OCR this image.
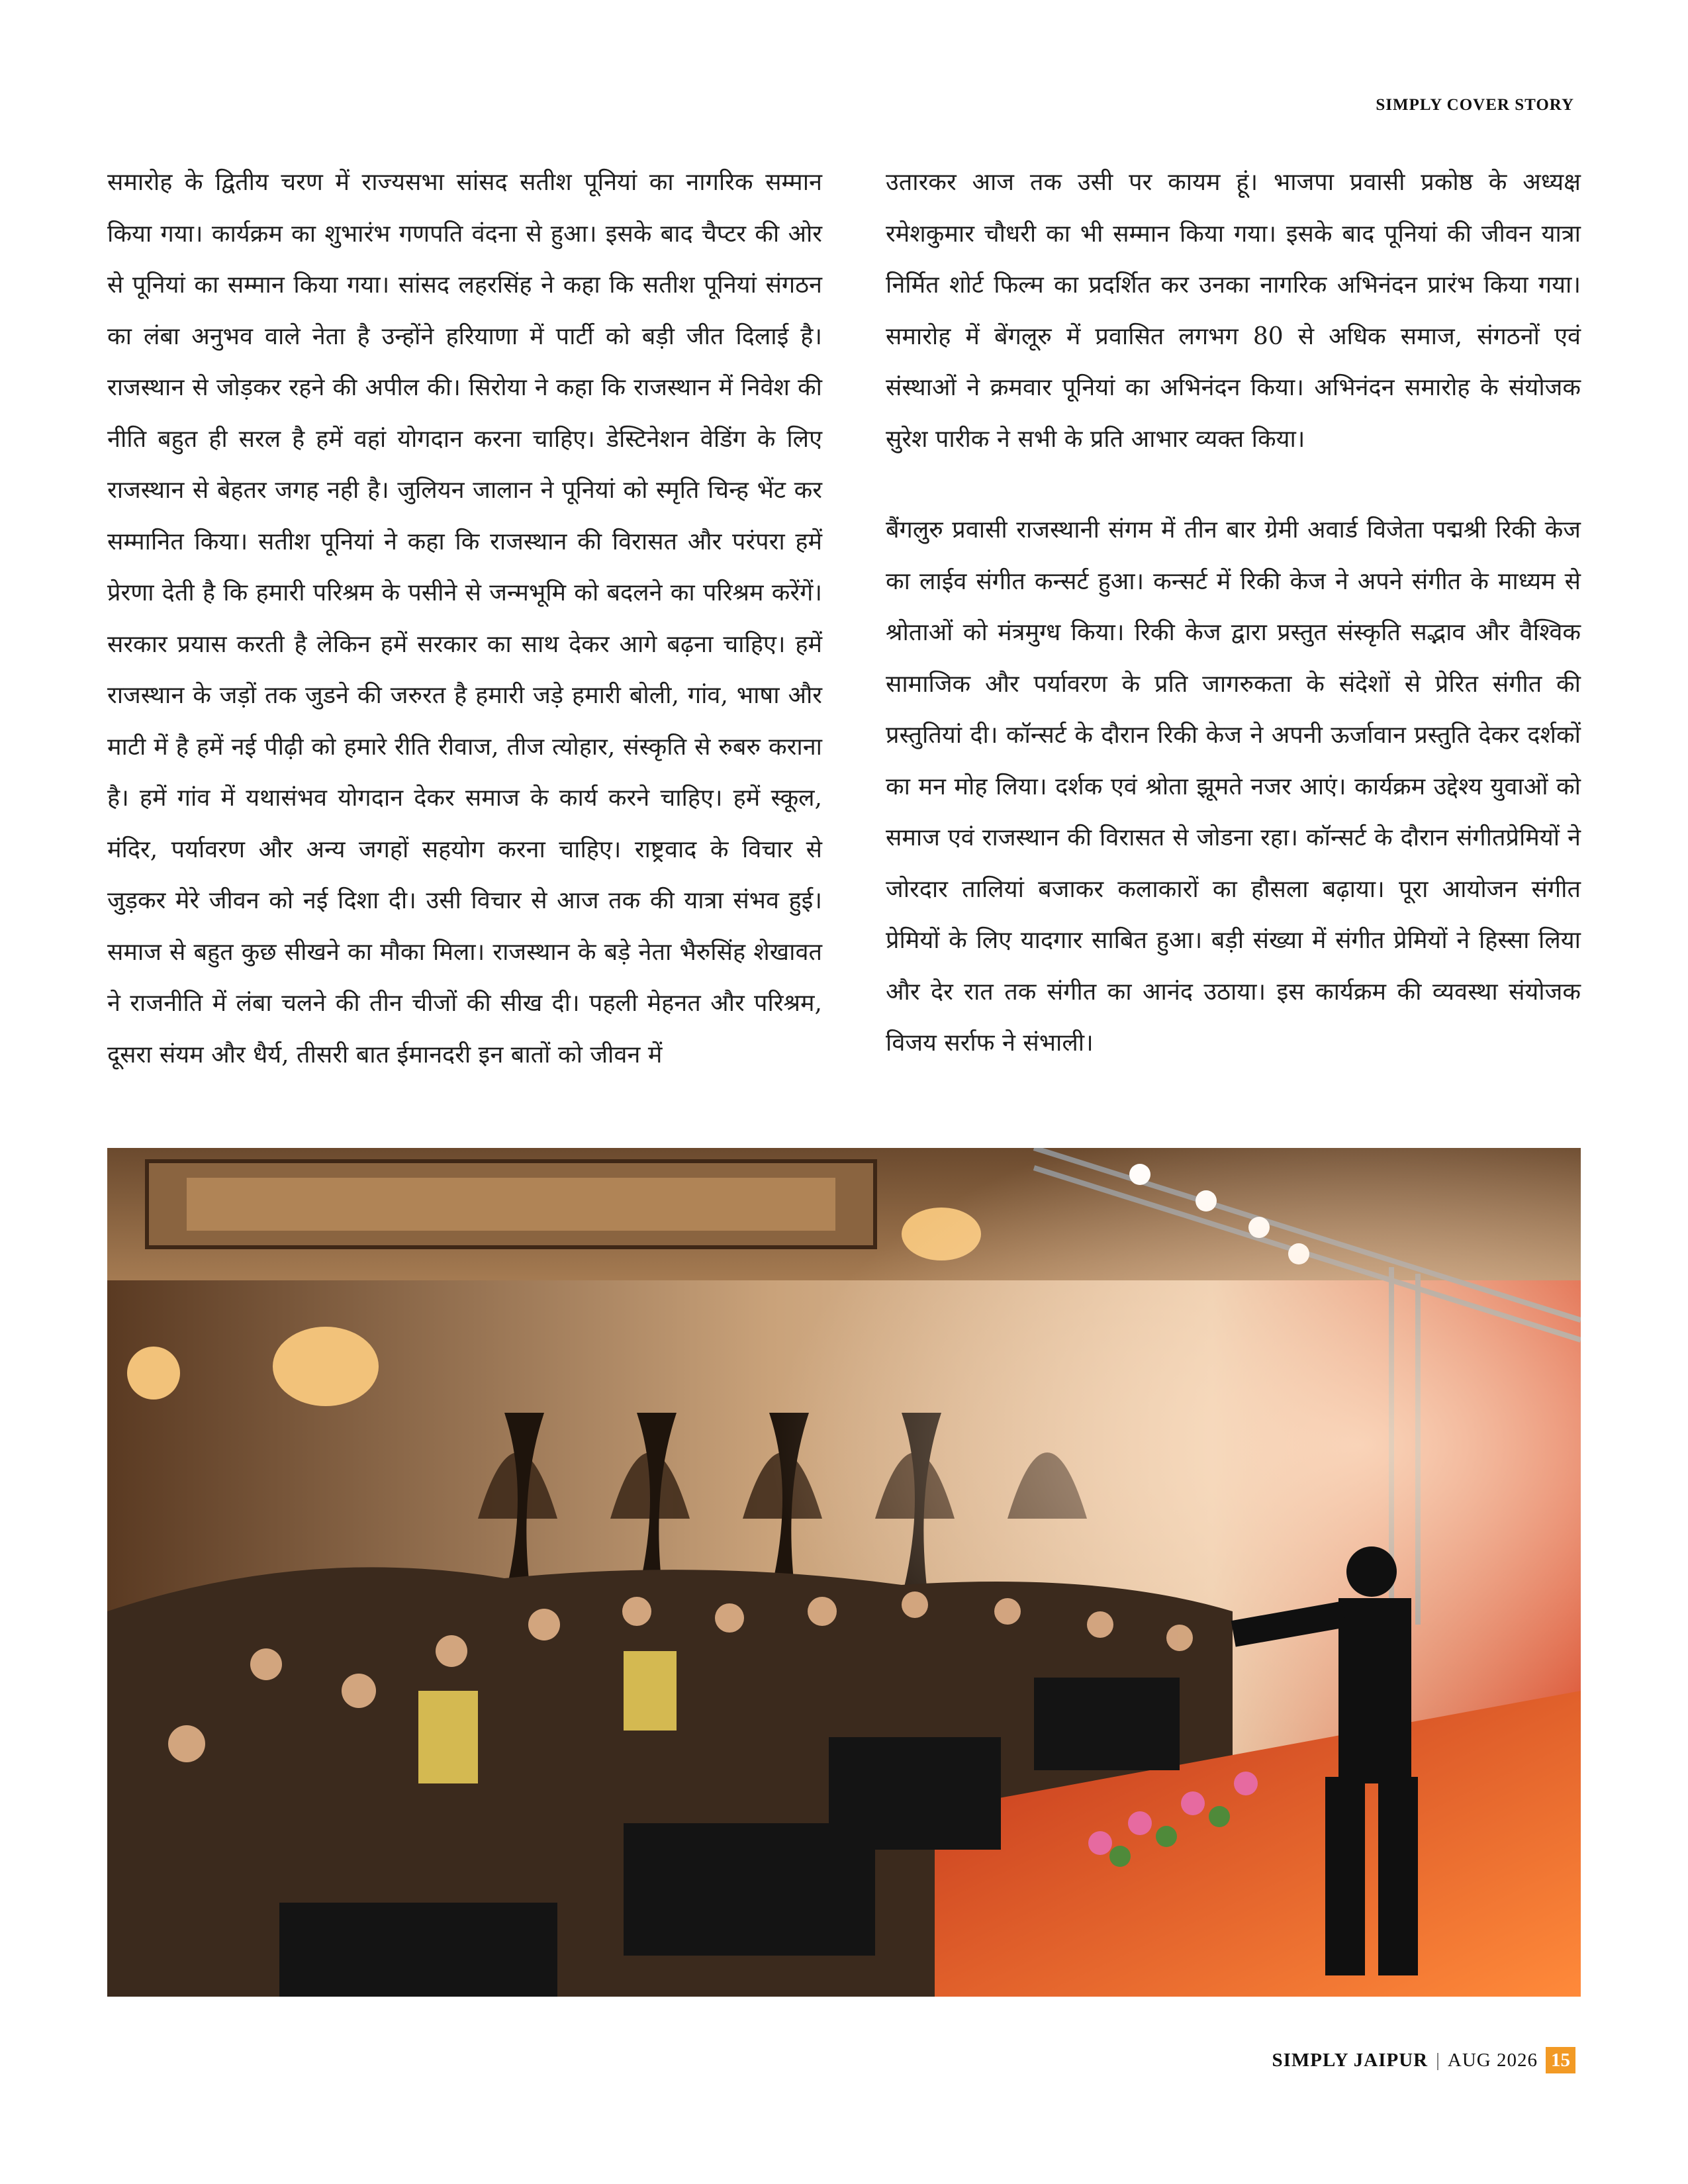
SIMPLY COVER STORY

समारोह के द्वितीय चरण में राज्यसभा सांसद सतीश पूनियां का नागरिक सम्मान किया गया। कार्यक्रम का शुभारंभ गणपति वंदना से हुआ। इसके बाद चैप्टर की ओर से पूनियां का सम्मान किया गया। सांसद लहरसिंह ने कहा कि सतीश पूनियां संगठन का लंबा अनुभव वाले नेता है उन्होंने हरियाणा में पार्टी को बड़ी जीत दिलाई है। राजस्थान से जोड़कर रहने की अपील की। सिरोया ने कहा कि राजस्थान में निवेश की नीति बहुत ही सरल है हमें वहां योगदान करना चाहिए। डेस्टिनेशन वेडिंग के लिए राजस्थान से बेहतर जगह नही है। जुलियन जालान ने पूनियां को स्मृति चिन्ह भेंट कर सम्मानित किया। सतीश पूनियां ने कहा कि राजस्थान की विरासत और परंपरा हमें प्रेरणा देती है कि हमारी परिश्रम के पसीने से जन्मभूमि को बदलने का परिश्रम करेंगें। सरकार प्रयास करती है लेकिन हमें सरकार का साथ देकर आगे बढ़ना चाहिए। हमें राजस्थान के जड़ों तक जुडने की जरुरत है हमारी जड़े हमारी बोली, गांव, भाषा और माटी में है हमें नई पीढ़ी को हमारे रीति रीवाज, तीज त्योहार, संस्कृति से रुबरु कराना है। हमें गांव में यथासंभव योगदान देकर समाज के कार्य करने चाहिए। हमें स्कूल, मंदिर, पर्यावरण और अन्य जगहों सहयोग करना चाहिए। राष्ट्रवाद के विचार से जुड़कर मेरे जीवन को नई दिशा दी। उसी विचार से आज तक की यात्रा संभव हुई। समाज से बहुत कुछ सीखने का मौका मिला। राजस्थान के बड़े नेता भैरुसिंह शेखावत ने राजनीति में लंबा चलने की तीन चीजों की सीख दी। पहली मेहनत और परिश्रम, दूसरा संयम और धैर्य, तीसरी बात ईमानदरी इन बातों को जीवन में

उतारकर आज तक उसी पर कायम हूं। भाजपा प्रवासी प्रकोष्ठ के अध्यक्ष रमेशकुमार चौधरी का भी सम्मान किया गया। इसके बाद पूनियां की जीवन यात्रा निर्मित शोर्ट फिल्म का प्रदर्शित कर उनका नागरिक अभिनंदन प्रारंभ किया गया। समारोह में बेंगलूरु में प्रवासित लगभग 80 से अधिक समाज, संगठनों एवं संस्थाओं ने क्रमवार पूनियां का अभिनंदन किया। अभिनंदन समारोह के संयोजक सुरेश पारीक ने सभी के प्रति आभार व्यक्त किया।

बैंगलुरु प्रवासी राजस्थानी संगम में तीन बार ग्रेमी अवार्ड विजेता पद्मश्री रिकी केज का लाईव संगीत कन्सर्ट हुआ। कन्सर्ट में रिकी केज ने अपने संगीत के माध्यम से श्रोताओं को मंत्रमुग्ध किया। रिकी केज द्वारा प्रस्तुत संस्कृति सद्भाव और वैश्विक सामाजिक और पर्यावरण के प्रति जागरुकता के संदेशों से प्रेरित संगीत की प्रस्तुतियां दी। कॉन्सर्ट के दौरान रिकी केज ने अपनी ऊर्जावान प्रस्तुति देकर दर्शकों का मन मोह लिया। दर्शक एवं श्रोता झूमते नजर आएं। कार्यक्रम उद्देश्य युवाओं को समाज एवं राजस्थान की विरासत से जोडना रहा। कॉन्सर्ट के दौरान संगीतप्रेमियों ने जोरदार तालियां बजाकर कलाकारों का हौसला बढ़ाया। पूरा आयोजन संगीत प्रेमियों के लिए यादगार साबित हुआ। बड़ी संख्या में संगीत प्रेमियों ने हिस्सा लिया और देर रात तक संगीत का आनंद उठाया। इस कार्यक्रम की व्यवस्था संयोजक विजय सर्राफ ने संभाली।

SIMPLY JAIPUR | AUG 2026 15
